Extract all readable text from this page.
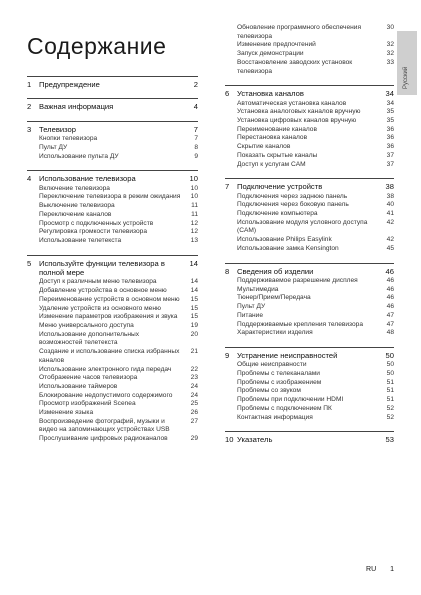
Содержание
1	Предупреждение	2
2	Важная информация	4
3	Телевизор	7
Кнопки телевизора	7
Пульт ДУ	8
Использование пульта ДУ	9
4	Использование телевизора	10
Включение телевизора	10
Переключение телевизора в режим ожидания	10
Выключение телевизора	11
Переключение каналов	11
Просмотр с подключенных устройств	12
Регулировка громкости телевизора	12
Использование телетекста	13
5	Используйте функции телевизора в полной мере
14
Доступ к различным меню телевизора	14
Добавление устройства в основное меню	14
Переименование устройств в основном меню	15
Удаление устройств из основного меню	15
Изменение параметров изображения и звука	15
Меню универсального доступа	19
Использование дополнительных возможностей телетекста
20
Создание и использование списка избранных каналов
21
Использование электронного гида передач	22
Отображение часов телевизора	23
Использование таймеров	24
Блокирование недопустимого содержимого	24
Просмотр изображений Scenea	25
Изменение языка	26
Воспроизведение фотографий, музыки и видео на запоминающих устройствах USB
27
Прослушивание цифровых радиоканалов	29
Обновление программного обеспечения телевизора
30
Изменение предпочтений	32
Запуск демонстрации	32
Восстановление заводских установок телевизора
33
6	Установка каналов	34
Автоматическая установка каналов	34
Установка аналоговых каналов вручную	35
Установка цифровых каналов вручную	35
Переименование каналов	36
Перестановка каналов	36
Скрытие каналов	36
Показать скрытые каналы	37
Доступ к услугам CAM	37
7	Подключение устройств	38
Подключения через заднюю панель	38
Подключения через боковую панель	40
Подключение компьютера	41
Использование модуля условного доступа (CAM)
42
Использование Philips Easylink	42
Использование замка Kensington	45
8	Сведения об изделии	46
Поддерживаемое разрешение дисплея	46
Мультимедиа	46
Тюнер/Прием/Передача	46
Пульт ДУ	46
Питание	47
Поддерживаемые крепления телевизора	47
Характеристики изделия	48
9	Устранение неисправностей	50
Общие неисправности	50
Проблемы с телеканалами	50
Проблемы с изображением	51
Проблемы со звуком	51
Проблемы при подключении HDMI	51
Проблемы с подключением ПК	52
Контактная информация	52
10 Указатель	53
Русский
RU 1
